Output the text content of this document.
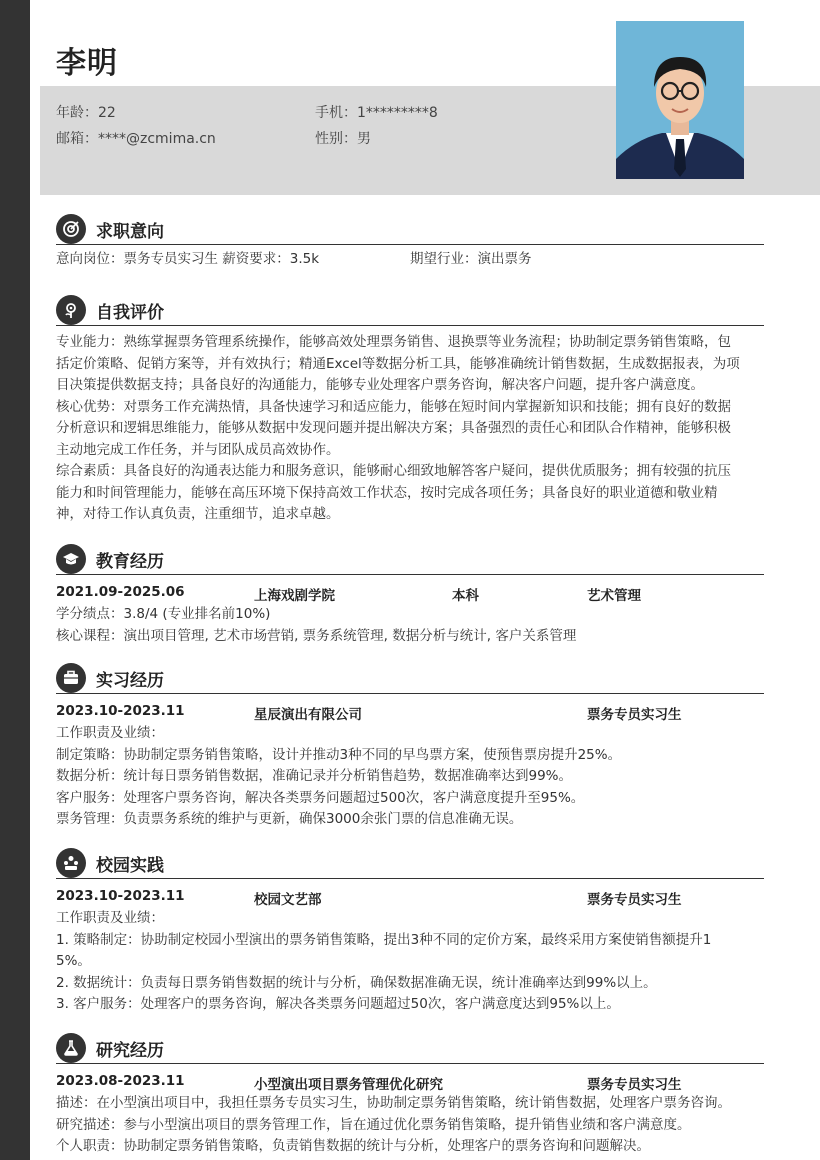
李明
年龄：22	手机：1*********8
邮箱：****@zcmima.cn	性别：男
求职意向
意向岗位：票务专员实习生 薪资要求：3.5k	期望行业：演出票务
自我评价
专业能力：熟练掌握票务管理系统操作，能够高效处理票务销售、退换票等业务流程；协助制定票务销售策略，包
括定价策略、促销方案等，并有效执行；精通Excel等数据分析工具，能够准确统计销售数据，生成数据报表，为项
目决策提供数据支持；具备良好的沟通能力，能够专业处理客户票务咨询，解决客户问题，提升客户满意度。
核心优势：对票务工作充满热情，具备快速学习和适应能力，能够在短时间内掌握新知识和技能；拥有良好的数据
分析意识和逻辑思维能力，能够从数据中发现问题并提出解决方案；具备强烈的责任心和团队合作精神，能够积极
主动地完成工作任务，并与团队成员高效协作。
综合素质：具备良好的沟通表达能力和服务意识，能够耐心细致地解答客户疑问，提供优质服务；拥有较强的抗压
能力和时间管理能力，能够在高压环境下保持高效工作状态，按时完成各项任务；具备良好的职业道德和敬业精
神，对待工作认真负责，注重细节，追求卓越。
教育经历
2021.09-2025.06	上海戏剧学院	本科	艺术管理
学分绩点：3.8/4 (专业排名前10%)
核心课程：演出项目管理, 艺术市场营销, 票务系统管理, 数据分析与统计, 客户关系管理
实习经历
2023.10-2023.11	星辰演出有限公司	票务专员实习生
工作职责及业绩：
制定策略：协助制定票务销售策略，设计并推动3种不同的早鸟票方案，使预售票房提升25%。
数据分析：统计每日票务销售数据，准确记录并分析销售趋势，数据准确率达到99%。
客户服务：处理客户票务咨询，解决各类票务问题超过500次，客户满意度提升至95%。
票务管理：负责票务系统的维护与更新，确保3000余张门票的信息准确无误。
校园实践
2023.10-2023.11	校园文艺部	票务专员实习生
工作职责及业绩：
1. 策略制定：协助制定校园小型演出的票务销售策略，提出3种不同的定价方案，最终采用方案使销售额提升1
5%。
2. 数据统计：负责每日票务销售数据的统计与分析，确保数据准确无误，统计准确率达到99%以上。
3. 客户服务：处理客户的票务咨询，解决各类票务问题超过50次，客户满意度达到95%以上。
研究经历
2023.08-2023.11	小型演出项目票务管理优化研究	票务专员实习生
描述：在小型演出项目中，我担任票务专员实习生，协助制定票务销售策略，统计销售数据，处理客户票务咨询。
研究描述：参与小型演出项目的票务管理工作，旨在通过优化票务销售策略，提升销售业绩和客户满意度。
个人职责：协助制定票务销售策略，负责销售数据的统计与分析，处理客户的票务咨询和问题解决。
